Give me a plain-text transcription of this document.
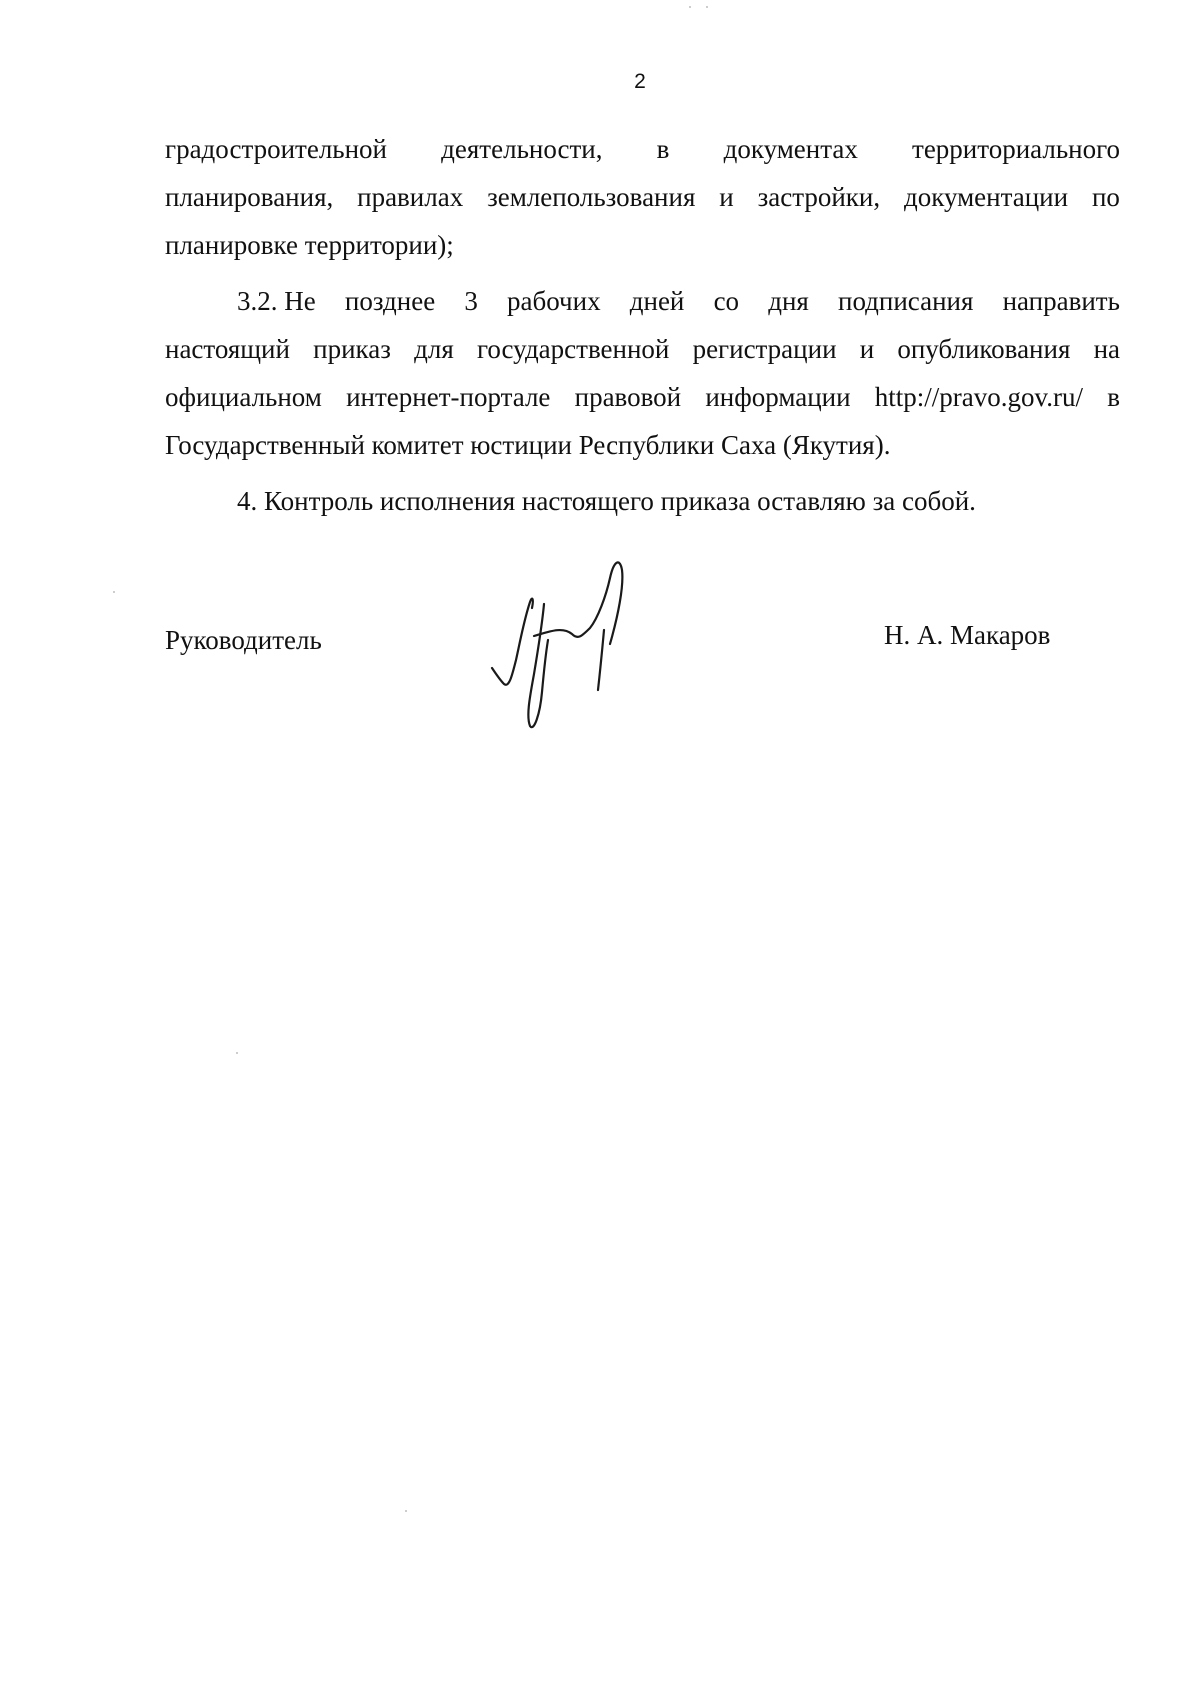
2
градостроительной деятельности, в документах территориального
планирования, правилах землепользования и застройки, документации по
планировке территории);
3.2. Не позднее 3 рабочих дней со дня подписания направить
настоящий приказ для государственной регистрации и опубликования на
официальном интернет-портале правовой информации http://pravo.gov.ru/ в
Государственный комитет юстиции Республики Саха (Якутия).
4. Контроль исполнения настоящего приказа оставляю за собой.
Руководитель	Н. А. Макаров
